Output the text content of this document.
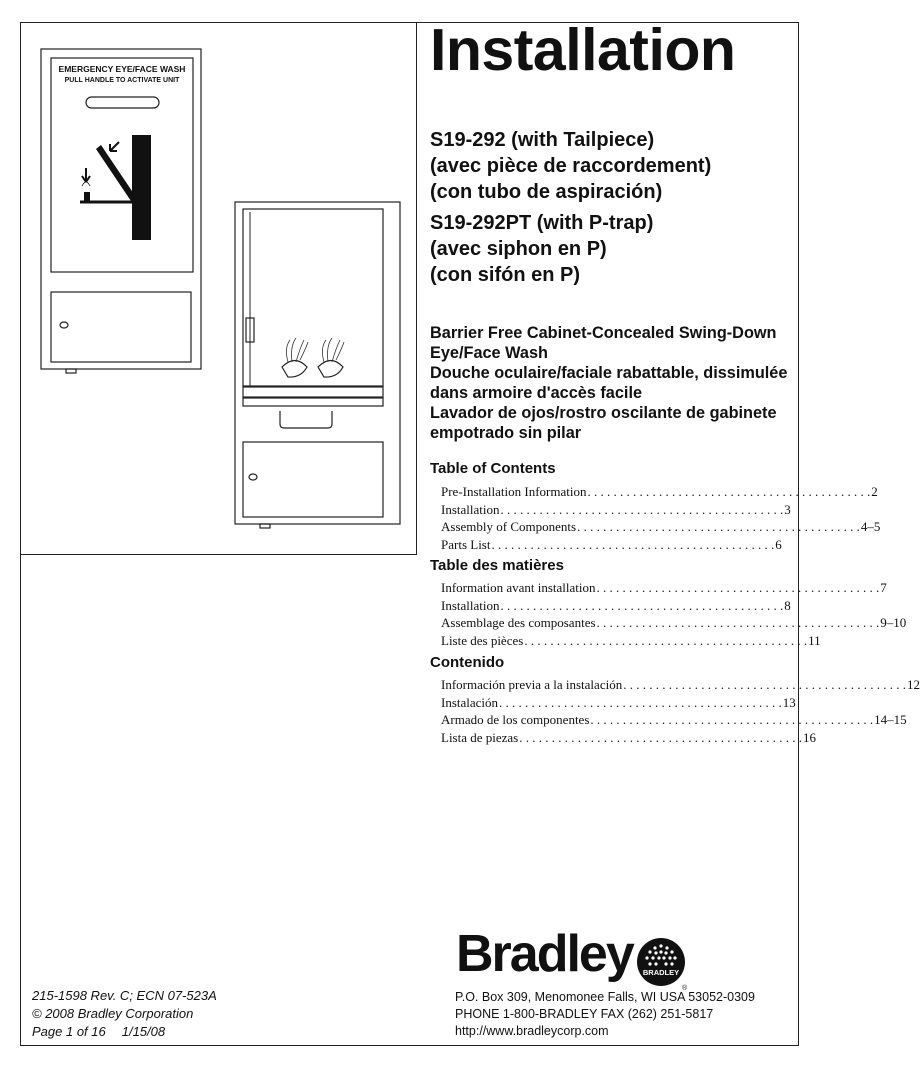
EMERGENCY EYE/FACE WASH
PULL HANDLE TO ACTIVATE UNIT	Installation
S19-292 (with Tailpiece)
(avec pièce de raccordement)
(con tubo de aspiración)
S19-292PT (with P-trap)
(avec siphon en P)
(con sifón en P)

Barrier Free Cabinet-Concealed Swing-Down Eye/Face Wash

Douche oculaire/faciale rabattable, dissimulée dans armoire d'accès facile

Lavador de ojos/rostro oscilante de gabinete empotrado sin pilar

Table of Contents
Pre-Installation Information . . . . . . . . . . . . . . . . . . . . . . . . . . . . . . . . . . . . . . . . . . . . 2
Installation . . . . . . . . . . . . . . . . . . . . . . . . . . . . . . . . . . . . . . . . . . . . 3
Assembly of Components . . . . . . . . . . . . . . . . . . . . . . . . . . . . . . . . . . . . . . . . . . . . 4–5
Parts List . . . . . . . . . . . . . . . . . . . . . . . . . . . . . . . . . . . . . . . . . . . . 6
Table des matières
Information avant installation . . . . . . . . . . . . . . . . . . . . . . . . . . . . . . . . . . . . . . . . . . . . 7
Installation . . . . . . . . . . . . . . . . . . . . . . . . . . . . . . . . . . . . . . . . . . . . 8
Assemblage des composantes . . . . . . . . . . . . . . . . . . . . . . . . . . . . . . . . . . . . . . . . . . . . 9–10
Liste des pièces . . . . . . . . . . . . . . . . . . . . . . . . . . . . . . . . . . . . . . . . . . . . 11
Contenido
Información previa a la instalación . . . . . . . . . . . . . . . . . . . . . . . . . . . . . . . . . . . . . . . . . . . . 12
Instalación . . . . . . . . . . . . . . . . . . . . . . . . . . . . . . . . . . . . . . . . . . . . 13
Armado de los componentes . . . . . . . . . . . . . . . . . . . . . . . . . . . . . . . . . . . . . . . . . . . . 14–15
Lista de piezas . . . . . . . . . . . . . . . . . . . . . . . . . . . . . . . . . . . . . . . . . . . . 16
Bradley BRADLEY
®
P.O. Box 309, Menomonee Falls, WI USA 53052-0309
PHONE 1-800-BRADLEY FAX (262) 251-5817
http://www.bradleycorp.com
215-1598 Rev. C; ECN 07-523A
© 2008 Bradley Corporation
Page 1 of 16 1/15/08
